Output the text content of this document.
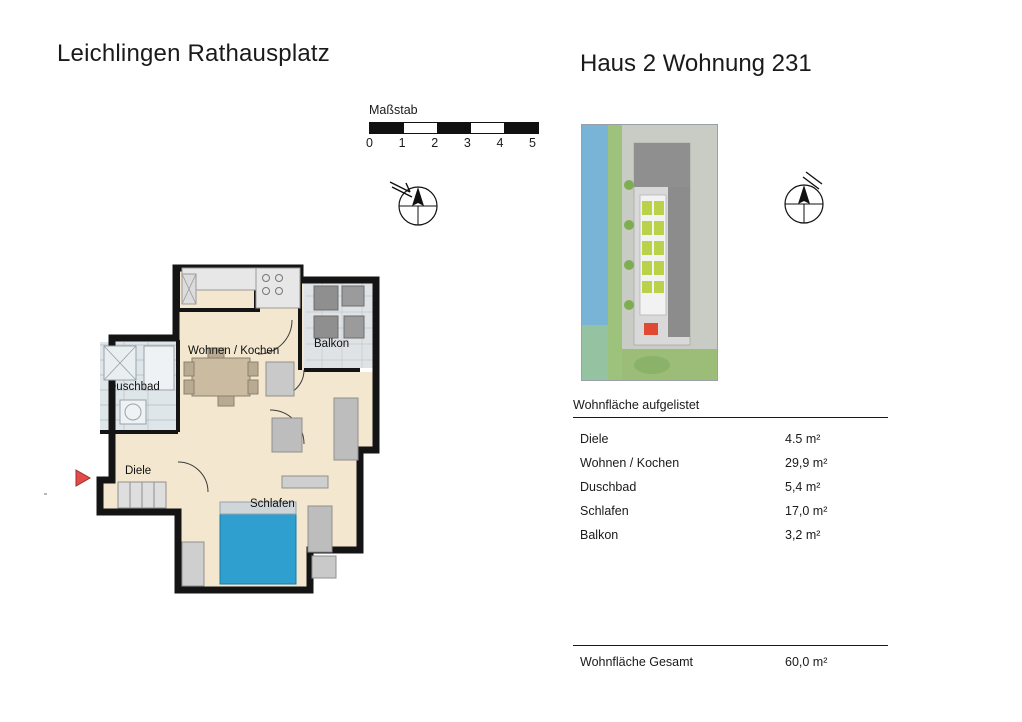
Leichlingen Rathausplatz	Haus 2 Wohnung 231
Maßstab
0	1	2	3	4	5
Wohnen / Kochen
Balkon
Duschbad
Diele
Schlafen
Wohnfläche aufgelistet
Diele	4.5 m²
Wohnen / Kochen	29,9 m²
Duschbad	5,4 m²
Schlafen	17,0 m²
Balkon	3,2 m²
Wohnfläche Gesamt	60,0 m²
